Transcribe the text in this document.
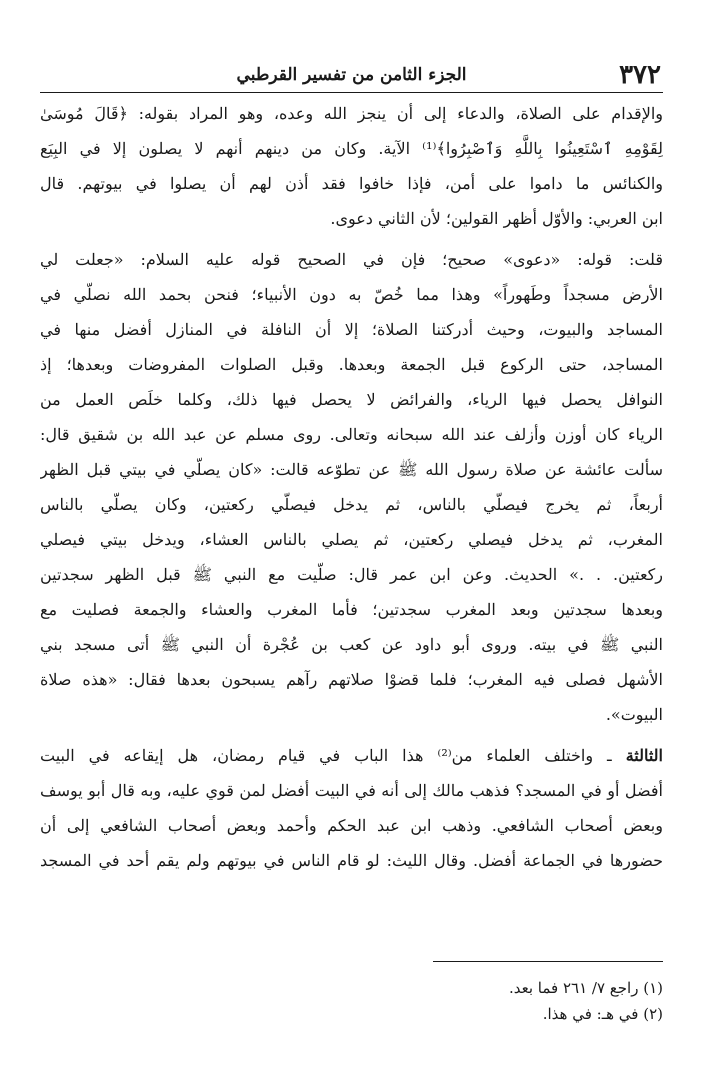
٣٧٢
الجزء الثامن من تفسير القرطبي
والإقدام على الصلاة، والدعاء إلى أن ينجز الله وعده، وهو المراد بقوله: ﴿قَالَ مُوسَىٰ
لِقَوْمِهِ ٱسْتَعِينُوا بِاللَّهِ وَٱصْبِرُوا﴾⁽¹⁾ الآية. وكان من دينهم أنهم لا يصلون إلا في البِيَع
والكنائس ما داموا على أمن، فإذا خافوا فقد أذن لهم أن يصلوا في بيوتهم. قال
ابن العربي: والأوّل أظهر القولين؛ لأن الثاني دعوى.
قلت: قوله: «دعوى» صحيح؛ فإن في الصحيح قوله عليه السلام: «جعلت لي
الأرض مسجداً وطَهوراً» وهذا مما خُصّ به دون الأنبياء؛ فنحن بحمد الله نصلّي في
المساجد والبيوت، وحيث أدركتنا الصلاة؛ إلا أن النافلة في المنازل أفضل منها في
المساجد، حتى الركوع قبل الجمعة وبعدها. وقبل الصلوات المفروضات وبعدها؛ إذ
النوافل يحصل فيها الرياء، والفرائض لا يحصل فيها ذلك، وكلما خلَص العمل من
الرياء كان أوزن وأزلف عند الله سبحانه وتعالى. روى مسلم عن عبد الله بن شقيق قال:
سألت عائشة عن صلاة رسول الله ﷺ عن تطوّعه قالت: «كان يصلّي في بيتي قبل الظهر
أربعاً، ثم يخرج فيصلّي بالناس، ثم يدخل فيصلّي ركعتين، وكان يصلّي بالناس
المغرب، ثم يدخل فيصلي ركعتين، ثم يصلي بالناس العشاء، ويدخل بيتي فيصلي
ركعتين. . .» الحديث. وعن ابن عمر قال: صلّيت مع النبي ﷺ قبل الظهر سجدتين
وبعدها سجدتين وبعد المغرب سجدتين؛ فأما المغرب والعشاء والجمعة فصليت مع
النبي ﷺ في بيته. وروى أبو داود عن كعب بن عُجْرة أن النبي ﷺ أتى مسجد بني
الأشهل فصلى فيه المغرب؛ فلما قضوْا صلاتهم رآهم يسبحون بعدها فقال: «هذه صلاة
البيوت».
الثالثة ـ واختلف العلماء من⁽²⁾ هذا الباب في قيام رمضان، هل إيقاعه في البيت
أفضل أو في المسجد؟ فذهب مالك إلى أنه في البيت أفضل لمن قوي عليه، وبه قال أبو يوسف
وبعض أصحاب الشافعي. وذهب ابن عبد الحكم وأحمد وبعض أصحاب الشافعي إلى أن
حضورها في الجماعة أفضل. وقال الليث: لو قام الناس في بيوتهم ولم يقم أحد في المسجد
(١) راجع ٧/ ٢٦١ فما بعد.
(٢) في هـ: في هذا.
